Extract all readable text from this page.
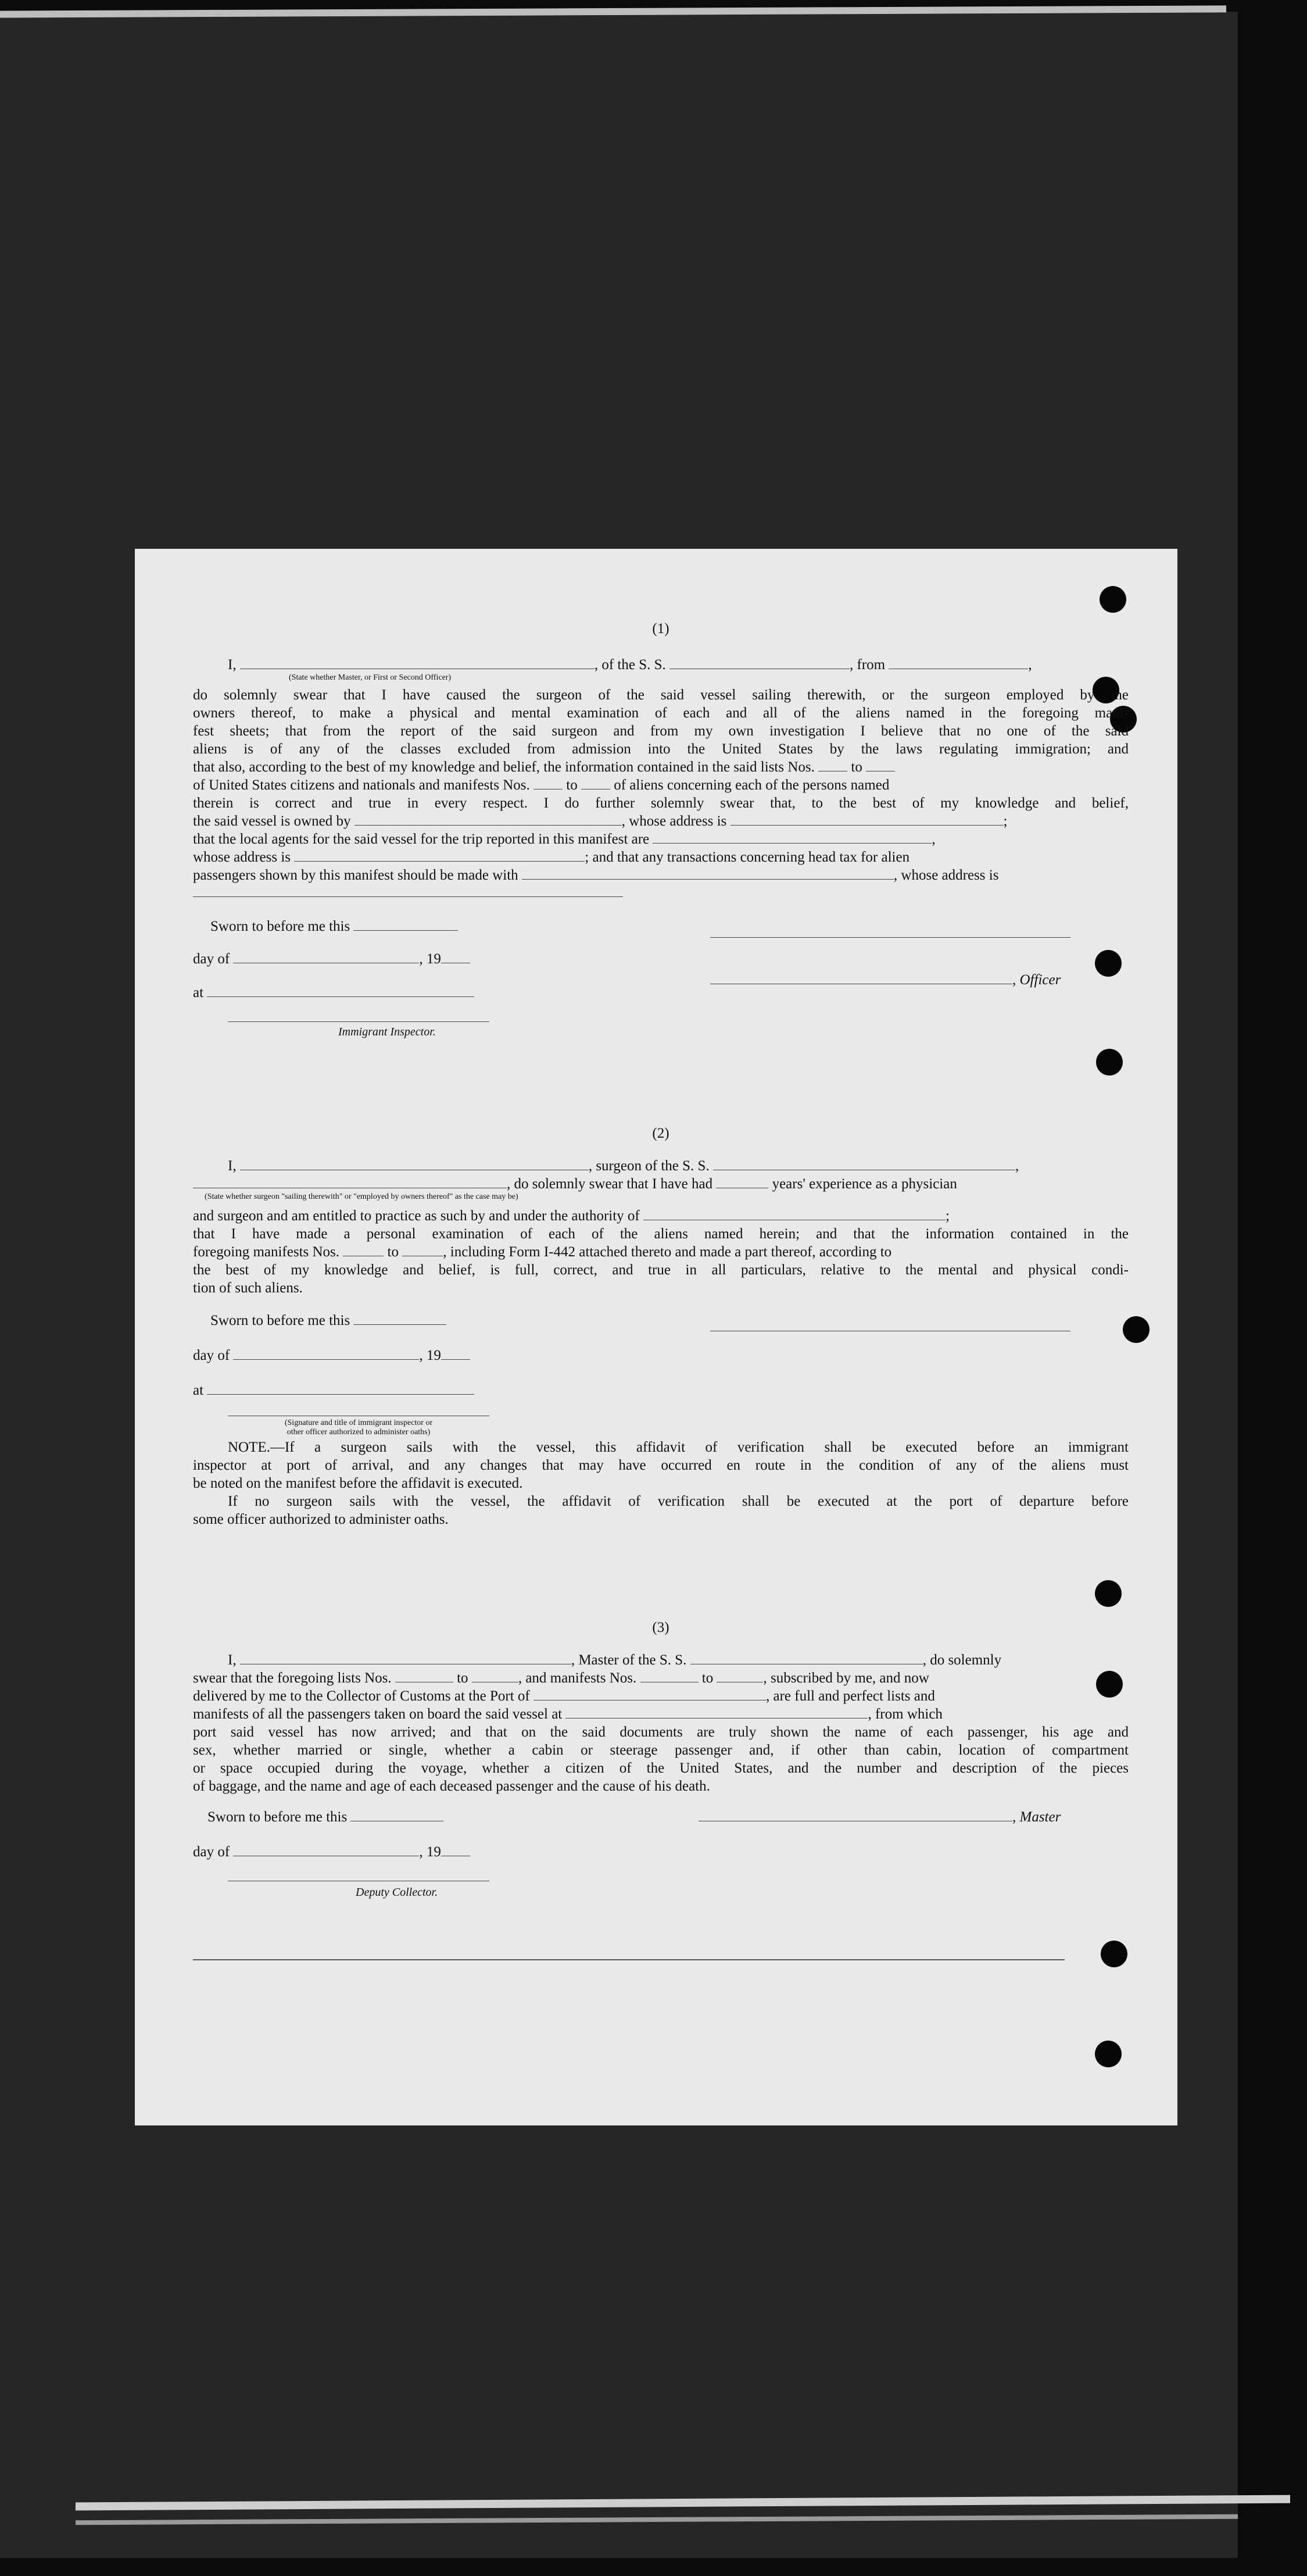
(1)
I,	, of the S. S.	, from	,
(State whether Master, or First or Second Officer)
do solemnly swear that I have caused the surgeon of the said vessel sailing therewith, or the surgeon employed by the
owners thereof, to make a physical and mental examination of each and all of the aliens named in the foregoing mani-
fest sheets; that from the report of the said surgeon and from my own investigation I believe that no one of the said
aliens is of any of the classes excluded from admission into the United States by the laws regulating immigration; and
that also, according to the best of my knowledge and belief, the information contained in the said lists Nos.  to
of United States citizens and nationals and manifests Nos.  to  of aliens concerning each of the persons named
therein is correct and true in every respect. I do further solemnly swear that, to the best of my knowledge and belief,
the said vessel is owned by	, whose address is	;
that the local agents for the said vessel for the trip reported in this manifest are	,
whose address is	; and that any transactions concerning head tax for alien
passengers shown by this manifest should be made with	, whose address is
Sworn to before me this
day of	, 19
, Officer
at
Immigrant Inspector.
(2)
I,	, surgeon of the S. S.	,
, do solemnly swear that I have had	years' experience as a physician
(State whether surgeon "sailing therewith" or "employed by owners thereof" as the case may be)
and surgeon and am entitled to practice as such by and under the authority of	;
that I have made a personal examination of each of the aliens named herein; and that the information contained in the
foregoing manifests Nos.	to	, including Form I-442 attached thereto and made a part thereof, according to
the best of my knowledge and belief, is full, correct, and true in all particulars, relative to the mental and physical condi-
tion of such aliens.
Sworn to before me this
day of	, 19
at
(Signature and title of immigrant inspector or
other officer authorized to administer oaths)
NOTE.—If a surgeon sails with the vessel, this affidavit of verification shall be executed before an immigrant
inspector at port of arrival, and any changes that may have occurred en route in the condition of any of the aliens must
be noted on the manifest before the affidavit is executed.
If no surgeon sails with the vessel, the affidavit of verification shall be executed at the port of departure before
some officer authorized to administer oaths.
(3)
I,	, Master of the S. S.	, do solemnly
swear that the foregoing lists Nos.	to	, and manifests Nos.	to	, subscribed by me, and now
delivered by me to the Collector of Customs at the Port of	, are full and perfect lists and
manifests of all the passengers taken on board the said vessel at	, from which
port said vessel has now arrived; and that on the said documents are truly shown the name of each passenger, his age and
sex, whether married or single, whether a cabin or steerage passenger and, if other than cabin, location of compartment
or space occupied during the voyage, whether a citizen of the United States, and the number and description of the pieces
of baggage, and the name and age of each deceased passenger and the cause of his death.
Sworn to before me this	, Master
day of	, 19
Deputy Collector.
